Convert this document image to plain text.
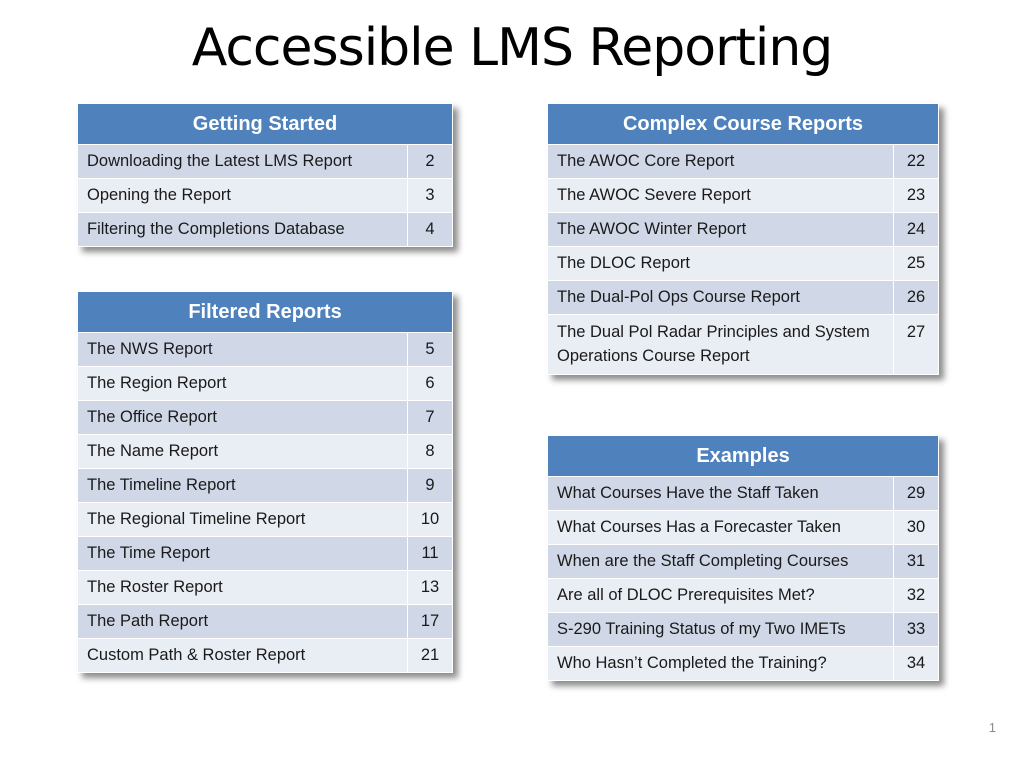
Accessible LMS Reporting
Getting Started	
Downloading the Latest LMS Report	2
Opening the Report	3
Filtering the Completions Database	4
Filtered Reports	
The NWS Report	5
The Region Report	6
The Office Report	7
The Name Report	8
The Timeline Report	9
The Regional Timeline Report	10
The Time Report	11
The Roster Report	13
The Path Report	17
Custom Path & Roster Report	21
Complex Course Reports	
The AWOC Core Report	22
The AWOC Severe Report	23
The AWOC Winter Report	24
The DLOC Report	25
The Dual-Pol Ops Course Report	26
The Dual Pol Radar Principles and System Operations Course Report	27
Examples	
What Courses Have the Staff Taken	29
What Courses Has a Forecaster Taken	30
When are the Staff Completing Courses	31
Are all of DLOC Prerequisites Met?	32
S-290 Training Status of my Two IMETs	33
Who Hasn’t Completed the Training?	34
1
